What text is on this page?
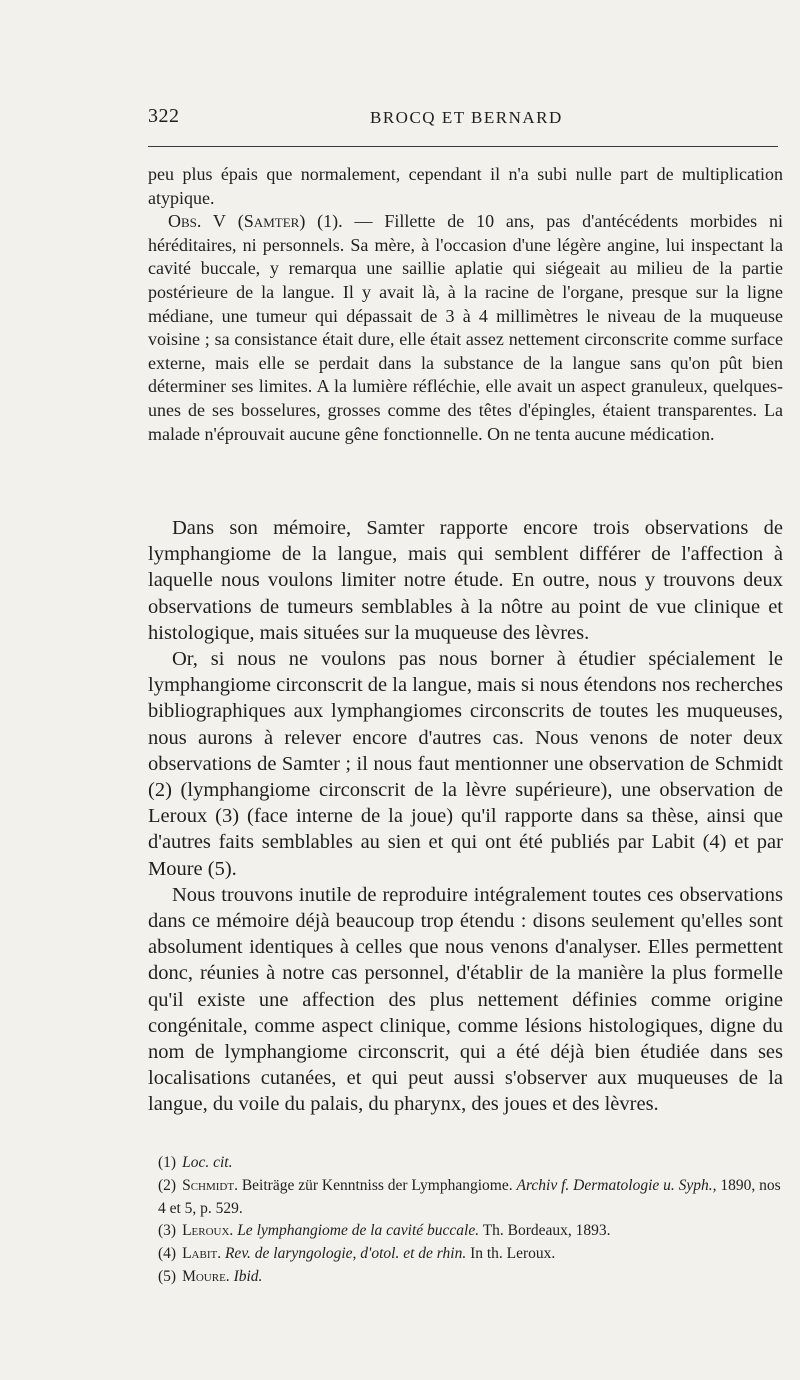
322	BROCQ ET BERNARD

peu plus épais que normalement, cependant il n'a subi nulle part de multiplication atypique.

Obs. V (Samter) (1). — Fillette de 10 ans, pas d'antécédents morbides ni héréditaires, ni personnels. Sa mère, à l'occasion d'une légère angine, lui inspectant la cavité buccale, y remarqua une saillie aplatie qui siégeait au milieu de la partie postérieure de la langue. Il y avait là, à la racine de l'organe, presque sur la ligne médiane, une tumeur qui dépassait de 3 à 4 millimètres le niveau de la muqueuse voisine ; sa consistance était dure, elle était assez nettement circonscrite comme surface externe, mais elle se perdait dans la substance de la langue sans qu'on pût bien déterminer ses limites. A la lumière réfléchie, elle avait un aspect granuleux, quelques-unes de ses bosselures, grosses comme des têtes d'épingles, étaient transparentes. La malade n'éprouvait aucune gêne fonctionnelle. On ne tenta aucune médication.

Dans son mémoire, Samter rapporte encore trois observations de lymphangiome de la langue, mais qui semblent différer de l'affection à laquelle nous voulons limiter notre étude. En outre, nous y trouvons deux observations de tumeurs semblables à la nôtre au point de vue clinique et histologique, mais situées sur la muqueuse des lèvres.

Or, si nous ne voulons pas nous borner à étudier spécialement le lymphangiome circonscrit de la langue, mais si nous étendons nos recherches bibliographiques aux lymphangiomes circonscrits de toutes les muqueuses, nous aurons à relever encore d'autres cas. Nous venons de noter deux observations de Samter ; il nous faut mentionner une observation de Schmidt (2) (lymphangiome circonscrit de la lèvre supérieure), une observation de Leroux (3) (face interne de la joue) qu'il rapporte dans sa thèse, ainsi que d'autres faits semblables au sien et qui ont été publiés par Labit (4) et par Moure (5).

Nous trouvons inutile de reproduire intégralement toutes ces observations dans ce mémoire déjà beaucoup trop étendu : disons seulement qu'elles sont absolument identiques à celles que nous venons d'analyser. Elles permettent donc, réunies à notre cas personnel, d'établir de la manière la plus formelle qu'il existe une affection des plus nettement définies comme origine congénitale, comme aspect clinique, comme lésions histologiques, digne du nom de lymphangiome circonscrit, qui a été déjà bien étudiée dans ses localisations cutanées, et qui peut aussi s'observer aux muqueuses de la langue, du voile du palais, du pharynx, des joues et des lèvres.

(1) Loc. cit.

(2) Schmidt. Beiträge zür Kenntniss der Lymphangiome. Archiv f. Dermatologie u. Syph., 1890, nos 4 et 5, p. 529.

(3) Leroux. Le lymphangiome de la cavité buccale. Th. Bordeaux, 1893.

(4) Labit. Rev. de laryngologie, d'otol. et de rhin. In th. Leroux.

(5) Moure. Ibid.
